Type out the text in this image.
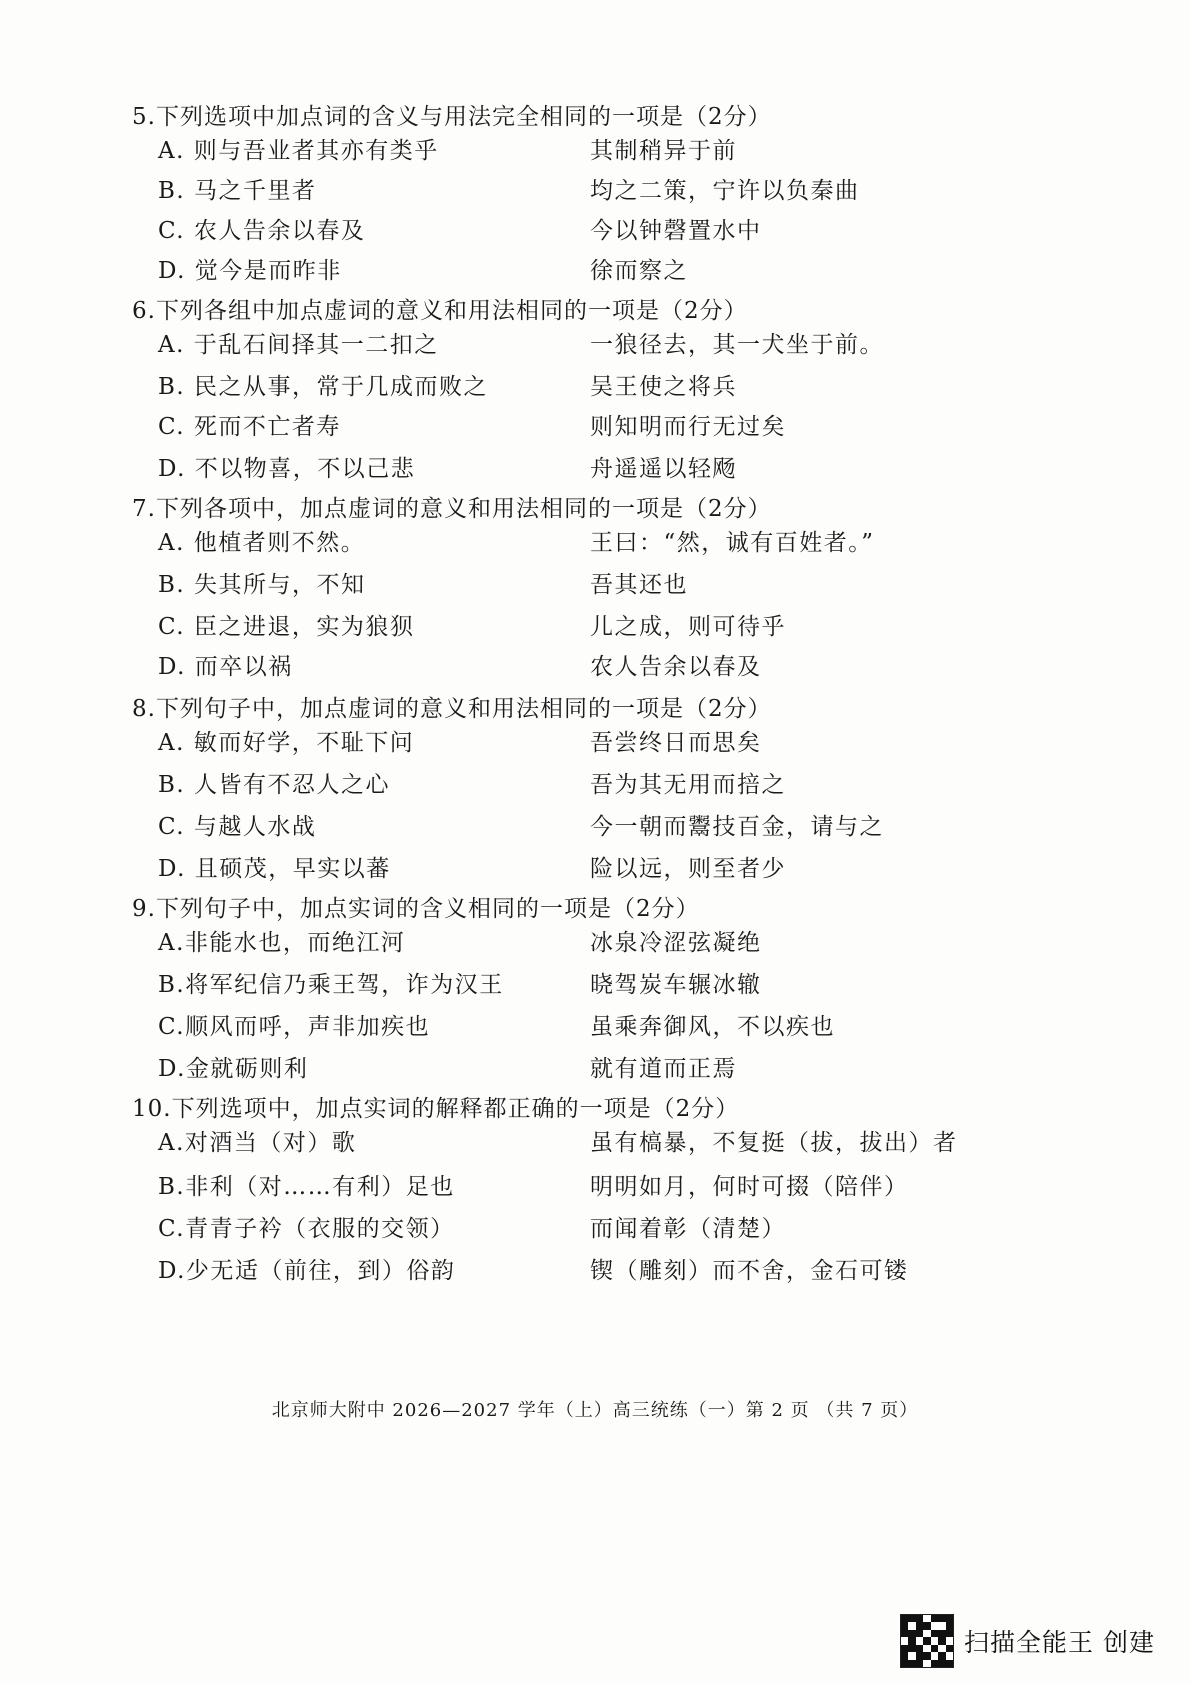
5.下列选项中加点词的含义与用法完全相同的一项是（2分）
A. 则与吾业者其亦有类乎	其制稍异于前
B. 马之千里者	均之二策，宁许以负秦曲
C. 农人告余以春及	今以钟磬置水中
D. 觉今是而昨非	徐而察之
6.下列各组中加点虚词的意义和用法相同的一项是（2分）
A. 于乱石间择其一二扣之	一狼径去，其一犬坐于前。
B. 民之从事，常于几成而败之	吴王使之将兵
C. 死而不亡者寿	则知明而行无过矣
D. 不以物喜，不以己悲	舟遥遥以轻飏
7.下列各项中，加点虚词的意义和用法相同的一项是（2分）
A. 他植者则不然。	王曰：“然，诚有百姓者。”
B. 失其所与，不知	吾其还也
C. 臣之进退，实为狼狈	儿之成，则可待乎
D. 而卒以祸	农人告余以春及
8.下列句子中，加点虚词的意义和用法相同的一项是（2分）
A. 敏而好学，不耻下问	吾尝终日而思矣
B. 人皆有不忍人之心	吾为其无用而掊之
C. 与越人水战	今一朝而鬻技百金，请与之
D. 且硕茂，早实以蕃	险以远，则至者少
9.下列句子中，加点实词的含义相同的一项是（2分）
A.非能水也，而绝江河	冰泉冷涩弦凝绝
B.将军纪信乃乘王驾，诈为汉王	晓驾炭车辗冰辙
C.顺风而呼，声非加疾也	虽乘奔御风，不以疾也
D.金就砺则利	就有道而正焉
10.下列选项中，加点实词的解释都正确的一项是（2分）
A.对酒当（对）歌	虽有槁暴，不复挺（拔，拔出）者
B.非利（对……有利）足也	明明如月，何时可掇（陪伴）
C.青青子衿（衣服的交领）	而闻着彰（清楚）
D.少无适（前往，到）俗韵	锲（雕刻）而不舍，金石可镂
北京师大附中 2026—2027 学年（上）高三统练（一）第 2 页 （共 7 页）
扫描全能王 创建
